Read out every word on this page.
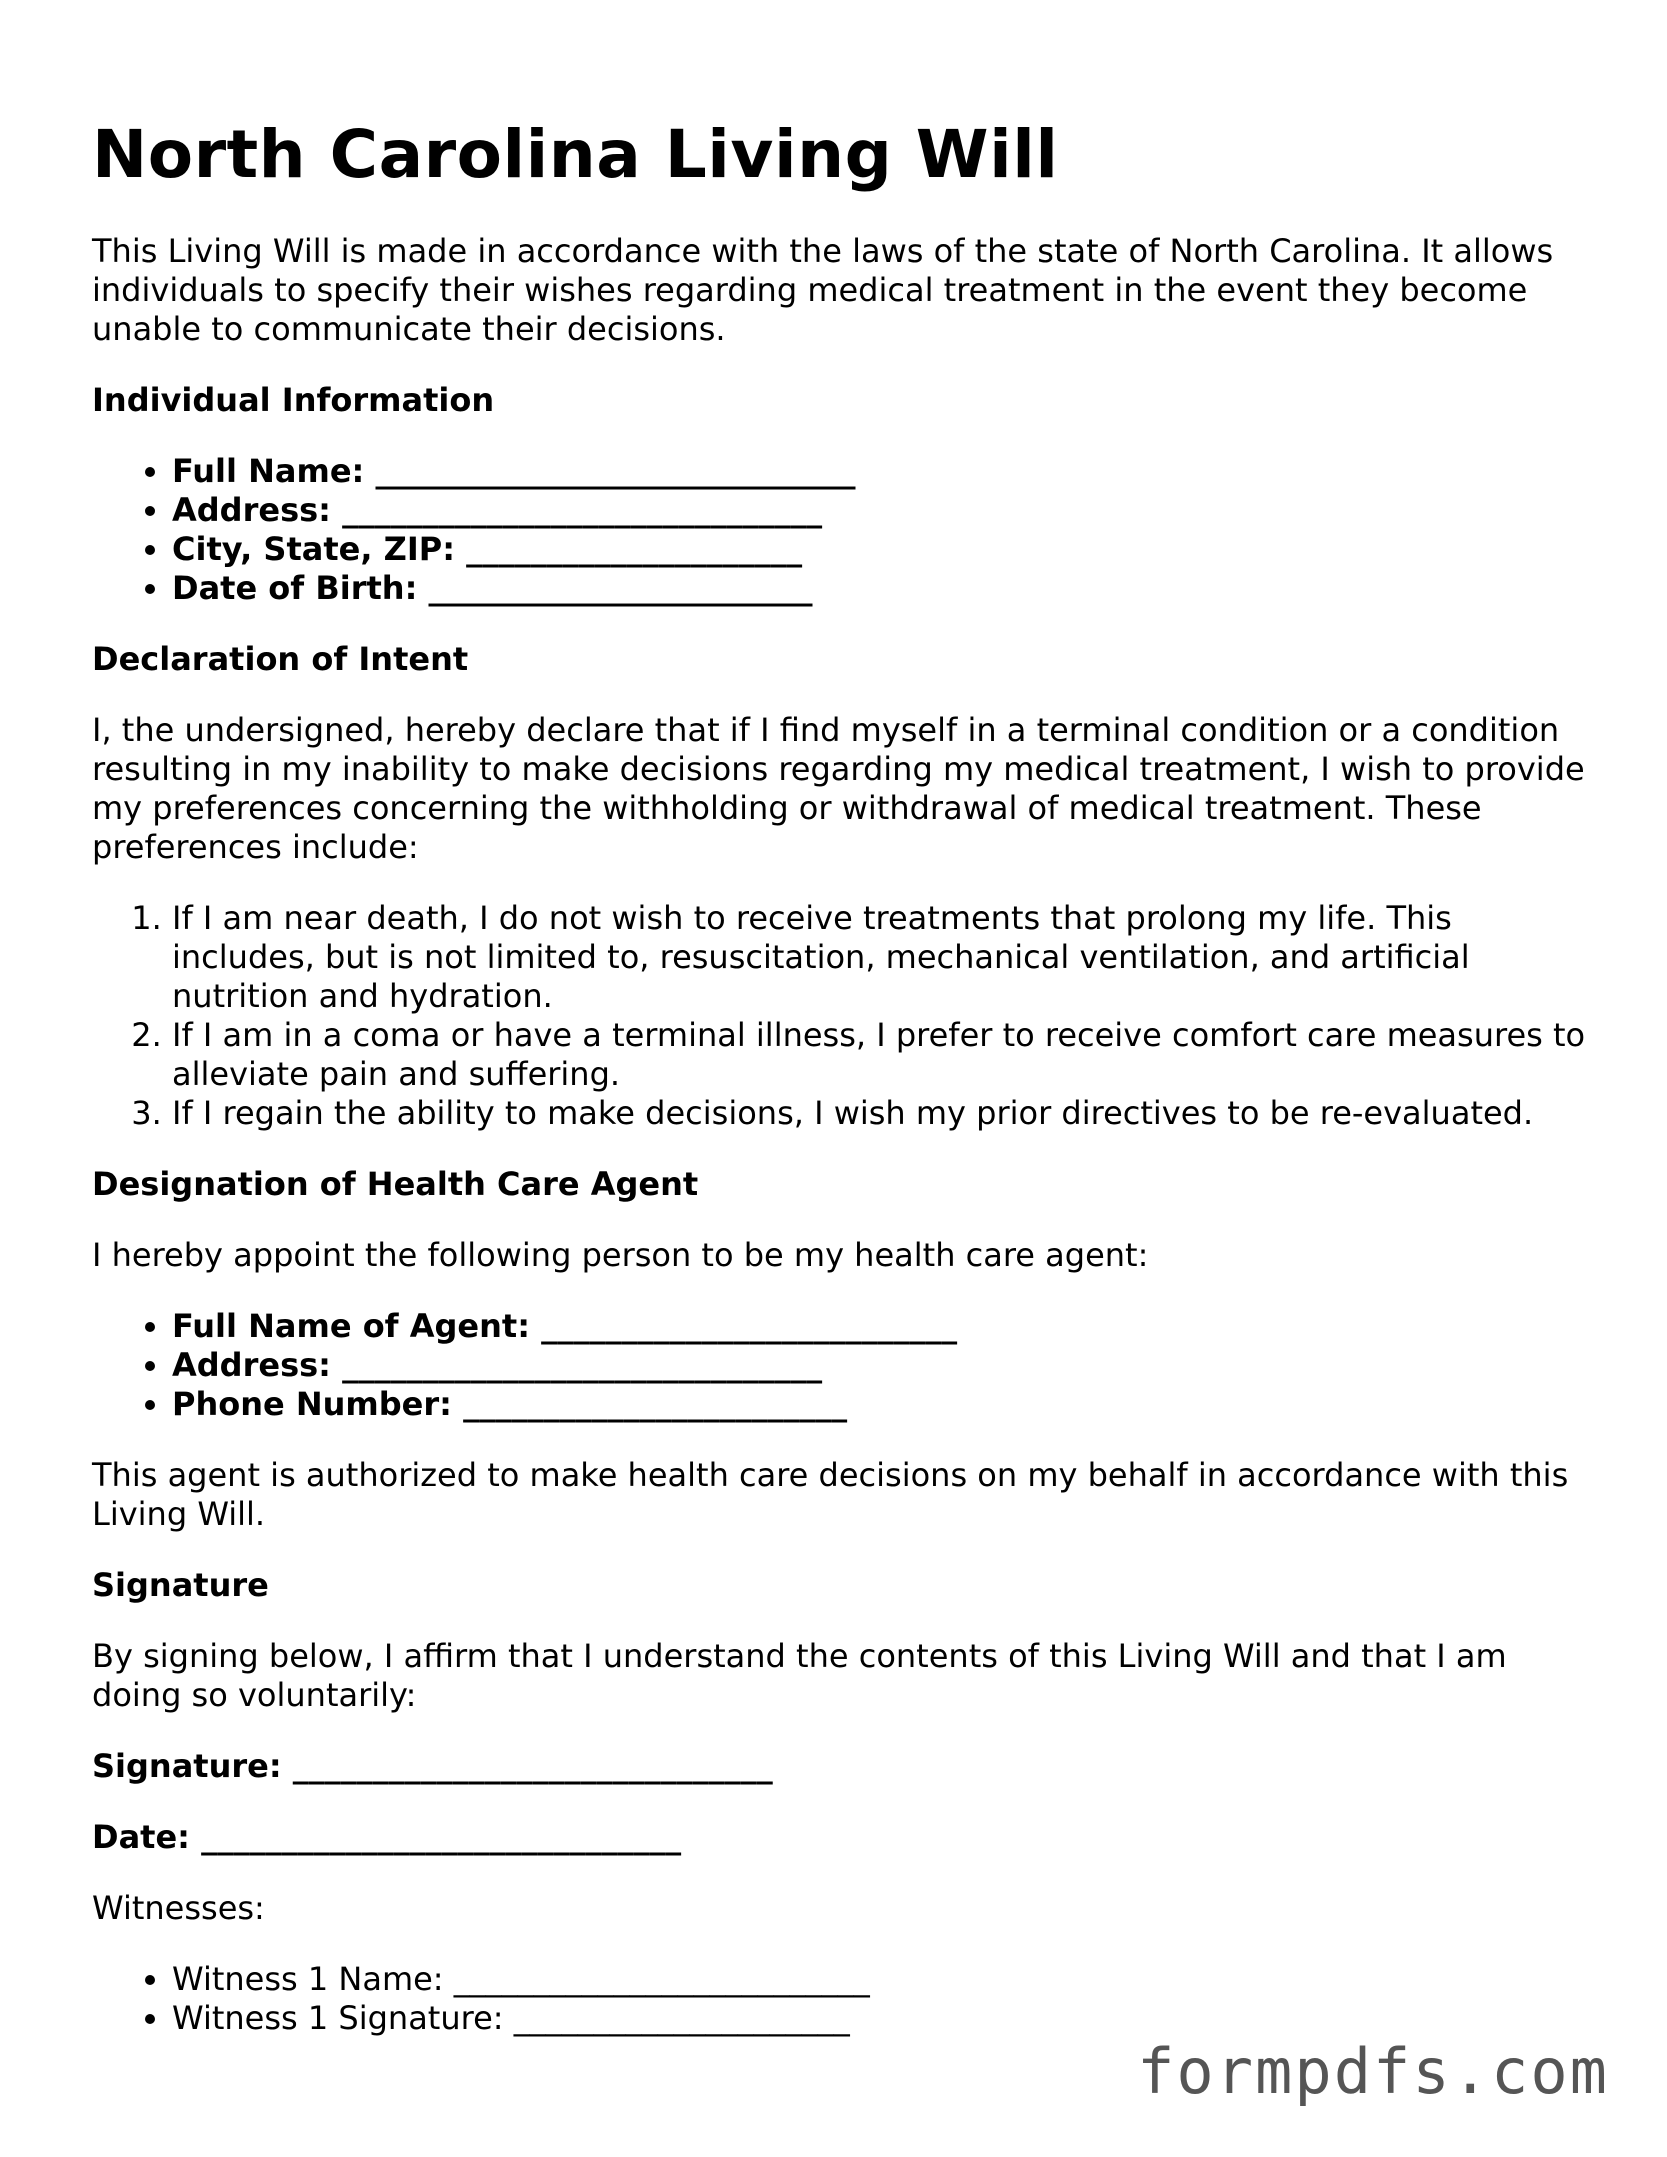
North Carolina Living Will

This Living Will is made in accordance with the laws of the state of North Carolina. It allows individuals to specify their wishes regarding medical treatment in the event they become unable to communicate their decisions.

Individual Information
• Full Name: ______________________________
• Address: ______________________________
• City, State, ZIP: _____________________
• Date of Birth: ________________________
Declaration of Intent

I, the undersigned, hereby declare that if I find myself in a terminal condition or a condition resulting in my inability to make decisions regarding my medical treatment, I wish to provide my preferences concerning the withholding or withdrawal of medical treatment. These preferences include:

1. If I am near death, I do not wish to receive treatments that prolong my life. This includes, but is not limited to, resuscitation, mechanical ventilation, and artificial nutrition and hydration.
2. If I am in a coma or have a terminal illness, I prefer to receive comfort care measures to alleviate pain and suffering.
3. If I regain the ability to make decisions, I wish my prior directives to be re-evaluated.
Designation of Health Care Agent

I hereby appoint the following person to be my health care agent:

• Full Name of Agent: __________________________
• Address: ______________________________
• Phone Number: ________________________

This agent is authorized to make health care decisions on my behalf in accordance with this Living Will.

Signature

By signing below, I affirm that I understand the contents of this Living Will and that I am doing so voluntarily:

Signature: ______________________________

Date: ______________________________

Witnesses:

• Witness 1 Name: __________________________
• Witness 1 Signature: _____________________
formpdfs.com
